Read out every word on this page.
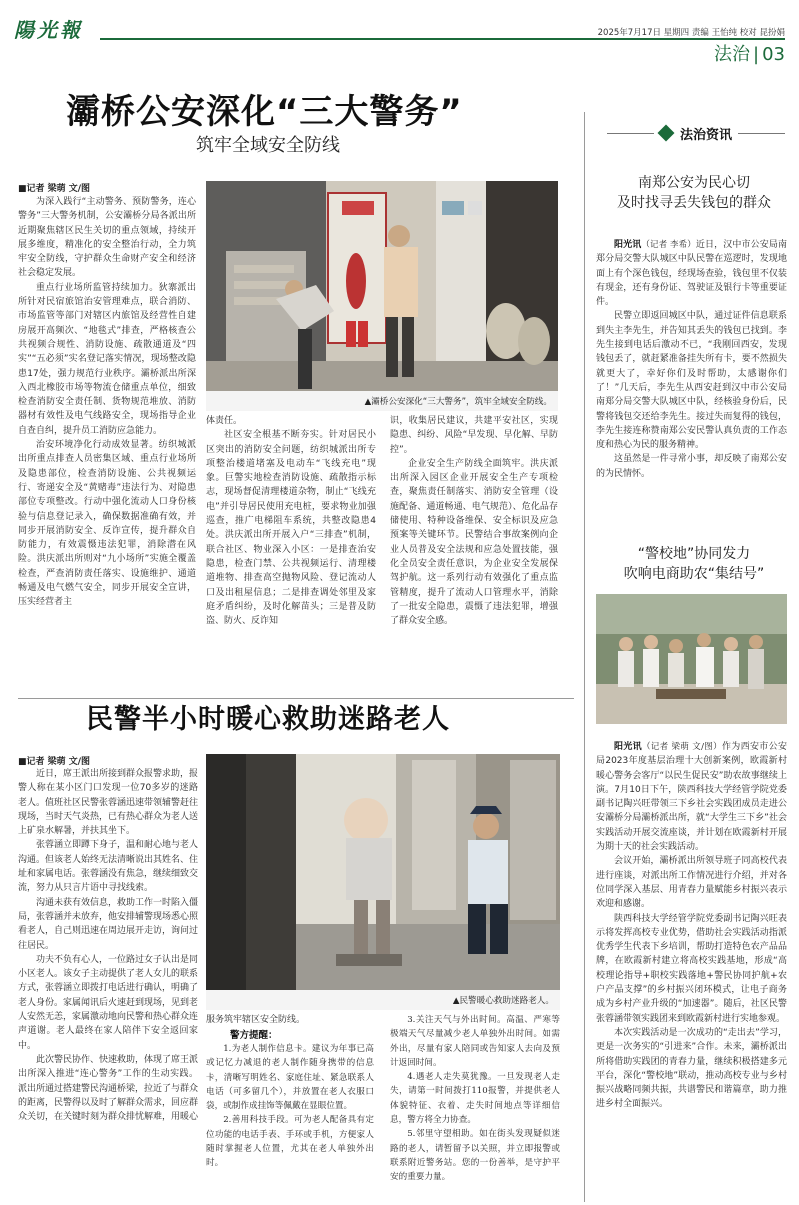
陽光報	2025年7月17日 星期四 责编 王怡纯 校对 昆扮娟
法治 | 03
灞桥公安深化“三大警务”
筑牢全域安全防线
■记者 梁萌 文/图

为深入践行“主动警务、预防警务，连心警务”三大警务机制，公安灞桥分局各派出所近期聚焦辖区民生关切的重点领域，持续开展多维度，精准化的安全整治行动，全力筑牢安全防线，守护群众生命财产安全和经济社会稳定发展。

重点行业场所监管持续加力。狄寨派出所针对民宿旅馆治安管理难点，联合消防、市场监管等部门对辖区内旅馆及经营性自建房展开高频次、“地毯式”排查，严格核查公共视频合规性、消防设施、疏散通道及“四实”“五必须”实名登记落实情况，现场整改隐患17处，强力规范行业秩序。灞桥派出所深入西北橡胶市场等物流仓储重点单位，细致检查消防安全责任制、货物规范堆放、消防器材有效性及电气线路安全，现场指导企业自查自纠，提升员工消防应急能力。

治安环境净化行动成效显著。纺织城派出所重点排查人员密集区域、重点行业场所及隐患部位，检查消防设施、公共视频运行、寄递安全及“黄赌毒”违法行为、对隐患部位专项整改。行动中强化流动人口身份核验与信息登记录入，确保数据准确有效，并同步开展消防安全、反诈宣传，提升群众自防能力，有效震慑违法犯罪，消除潜在风险。洪庆派出所则对“九小场所”实施全覆盖检查，严查消防责任落实、设施维护、通道畅通及电气燃气安全，同步开展安全宣讲，压实经营者主

▲灞桥公安深化“三大警务”，筑牢全域安全防线。

体责任。

社区安全根基不断夯实。针对居民小区突出的消防安全问题，纺织城派出所专项整治楼道堵塞及电动车“飞线充电”现象。巨警实地检查消防设施、疏散指示标志，现场督促清理楼道杂物，制止“飞线充电”并引导居民使用充电桩，要求物业加强巡查，推广电梯阻车系统，共整改隐患4处。洪庆派出所开展入户“三排查”机制，联合社区、物业深入小区：一是排查治安隐患，检查门禁、公共视频运行、清理楼道堆物、排查高空抛物风险、登记流动人口及出租屋信息；二是排查调处邻里及家庭矛盾纠纷，及时化解苗头；三是普及防盗、防火、反诈知

识，收集居民建议，共建平安社区，实现隐患、纠纷、风险“早发现、早化解、早防控”。

企业安全生产防线全面筑牢。洪庆派出所深入园区企业开展安全生产专项检查，聚焦责任制落实、消防安全管理（设施配备、通道畅通、电气规范）、危化品存储使用、特种设备维保、安全标识及应急预案等关键环节。民警结合事故案例向企业人员普及安全法规和应急处置技能，强化全员安全责任意识，为企业安全发展保驾护航。这一系列行动有效强化了重点监管精度，提升了流动人口管理水平，消除了一批安全隐患，震慑了违法犯罪，增强了群众安全感。

民警半小时暖心救助迷路老人
■记者 梁萌 文/图

近日，席王派出所接到群众报警求助，报警人称在某小区门口发现一位70多岁的迷路老人。值班社区民警张蓉涵迅速带领辅警赶往现场，当时天气炎热，已有热心群众为老人送上矿泉水解暑，并扶其坐下。

张蓉涵立即蹲下身子，温和耐心地与老人沟通。但该老人始终无法清晰说出其姓名、住址和家属电话。张蓉涵没有焦急，继续细致交流，努力从只言片语中寻找线索。

沟通未获有效信息，救助工作一时陷入僵局，张蓉涵并未放弃，他安排辅警现场悉心照看老人，自己则迅速在周边展开走访，询问过往居民。

功夫不负有心人，一位路过女子认出是同小区老人。该女子主动提供了老人女儿的联系方式，张蓉涵立即拨打电话进行确认，明确了老人身份。家属闻讯后火速赶到现场，见到老人安然无恙，家属激动地向民警和热心群众连声道谢。老人最终在家人陪伴下安全返回家中。

此次警民协作、快速救助，体现了席王派出所深入推进“连心警务”工作的生动实践。派出所通过搭建警民沟通桥梁，拉近了与群众的距离，民警得以及时了解群众需求，回应群众关切，在关键时刻为群众排忧解难，用暖心

▲民警暖心救助迷路老人。

服务筑牢辖区安全防线。

警方提醒：

1.为老人制作信息卡。建议为年事已高或记忆力减退的老人制作随身携带的信息卡，清晰写明姓名、家庭住址、紧急联系人电话（可多留几个），并放置在老人衣服口袋，或制作成挂饰等佩戴在显眼位置。

2.善用科技手段。可为老人配备具有定位功能的电话手表、手环或手机，方便家人随时掌握老人位置，尤其在老人单独外出时。

3.关注天气与外出时间。高温、严寒等极端天气尽量减少老人单独外出时间。如需外出，尽量有家人陪同或告知家人去向及预计返回时间。

4.遇老人走失莫犹豫。一旦发现老人走失，请第一时间拨打110报警，并提供老人体貌特征、衣着、走失时间地点等详细信息，警方将全力协查。

5.邻里守望相助。如在街头发现疑似迷路的老人，请暂留予以关照，并立即报警或联系附近警务站。您的一份善举，是守护平安的重要力量。

法治资讯
南郑公安为民心切
及时找寻丢失钱包的群众

阳光讯（记者 李希）近日，汉中市公安局南郑分局交警大队城区中队民警在巡逻时，发现地面上有个深色钱包，经现场查验，钱包里不仅装有现金，还有身份证、驾驶证及银行卡等重要证件。

民警立即返回城区中队，通过证件信息联系到失主李先生，并告知其丢失的钱包已找到。李先生接到电话后激动不已，“我刚回西安，发现钱包丢了，就赶紧准备挂失所有卡，要不然损失就更大了，幸好你们及时帮助，太感谢你们了！”几天后，李先生从西安赶到汉中市公安局南郑分局交警大队城区中队，经核验身份后，民警将钱包交还给李先生。接过失而复得的钱包，李先生接连称赞南郑公安民警认真负责的工作态度和热心为民的服务精神。

这虽然是一件寻常小事，却反映了南郑公安的为民情怀。

“警校地”协同发力
吹响电商助农“集结号”

阳光讯（记者 梁萌 文/图）作为西安市公安局2023年度基层治理十大创新案例，欧霞新村暖心警务会客厅“以民生促民安”助农故事继续上演。7月10日下午，陕西科技大学经管学院党委副书记陶兴旺带领三下乡社会实践团成员走进公安灞桥分局灞桥派出所，就“大学生三下乡”社会实践活动开展交流座谈，并计划在欧霞新村开展为期十天的社会实践活动。

会议开始，灞桥派出所领导班子同高校代表进行座谈，对派出所工作情况进行介绍，并对各位同学深入基层、用青春力量赋能乡村振兴表示欢迎和感谢。

陕西科技大学经管学院党委副书记陶兴旺表示将发挥高校专业优势，借助社会实践活动指派优秀学生代表下乡培训，帮助打造特色农产品品牌，在欧霞新村建立将高校实践基地，形成“高校理论指导+职校实践落地+警民协同护航+农户产品支撑”的乡村振兴闭环模式，让电子商务成为乡村产业升级的“加速器”。随后，社区民警张蓉涵带领实践团来到欧霞新村进行实地参观。

本次实践活动是一次成功的“走出去”学习，更是一次务实的“引进来”合作。未来，灞桥派出所将借助实践团的青春力量，继续积极搭建多元平台，深化“警校地”联动，推动高校专业与乡村振兴战略同频共振，共谱警民和谐篇章，助力推进乡村全面振兴。
